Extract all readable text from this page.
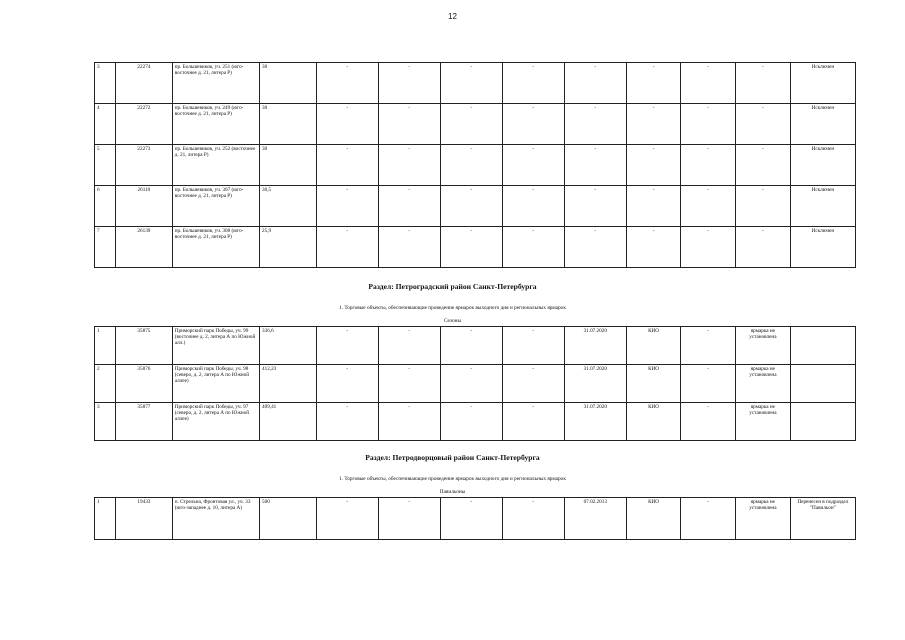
12
3	22274	пр. Большевиков, уч. 251 (юго-восточнее д. 21, литера Р)	30	-	-	-	-	-	-	-	-	Исключен
4	22272	пр. Большевиков, уч. 249 (юго-восточнее д. 21, литера Р)	30	-	-	-	-	-	-	-	-	Исключен
5	22273	пр. Большевиков, уч. 252 (восточнее д. 21, литера Р)	30	-	-	-	-	-	-	-	-	Исключен
6	26110	пр. Большевиков, уч. 307 (юго-восточнее д. 21, литера Р)	30,5	-	-	-	-	-	-	-	-	Исключен
7	26139	пр. Большевиков, уч. 308 (юго-восточнее д. 21, литера Р)	25,9	-	-	-	-	-	-	-	-	Исключен
Раздел: Петроградский район Санкт-Петербурга
1. Торговые объекты, обеспечивающие проведение ярмарок выходного дня и региональных ярмарок
Сезоны
1	35875	Приморский парк Победы, уч. 99 (восточнее д. 2, литера А по Южной алл.)	336,6	-	-	-	-	31.07.2020	КИО	-	ярмарка не установлена	
2	35876	Приморский парк Победы, уч. 98 (северо, д. 2, литера А по Южной аллее)	412,23	-	-	-	-	31.07.2020	КИО	-	ярмарка не установлена	
3	35877	Приморский парк Победы, уч. 97 (северо, д. 2, литера А по Южной аллее)	409,41	-	-	-	-	31.07.2020	КИО	-	ярмарка не установлена	
Раздел: Петродворцовый район Санкт-Петербурга
1. Торговые объекты, обеспечивающие проведение ярмарок выходного дня и региональных ярмарок
Павильоны
1	19433	п. Стрельна, Фронтовая ул., уч. 33 (юго-западнее д. 10, литера А)	500	-	-	-	-	07.02.2013	КИО	-	ярмарка не установлена	Перенесен в подраздел "Павильон"
